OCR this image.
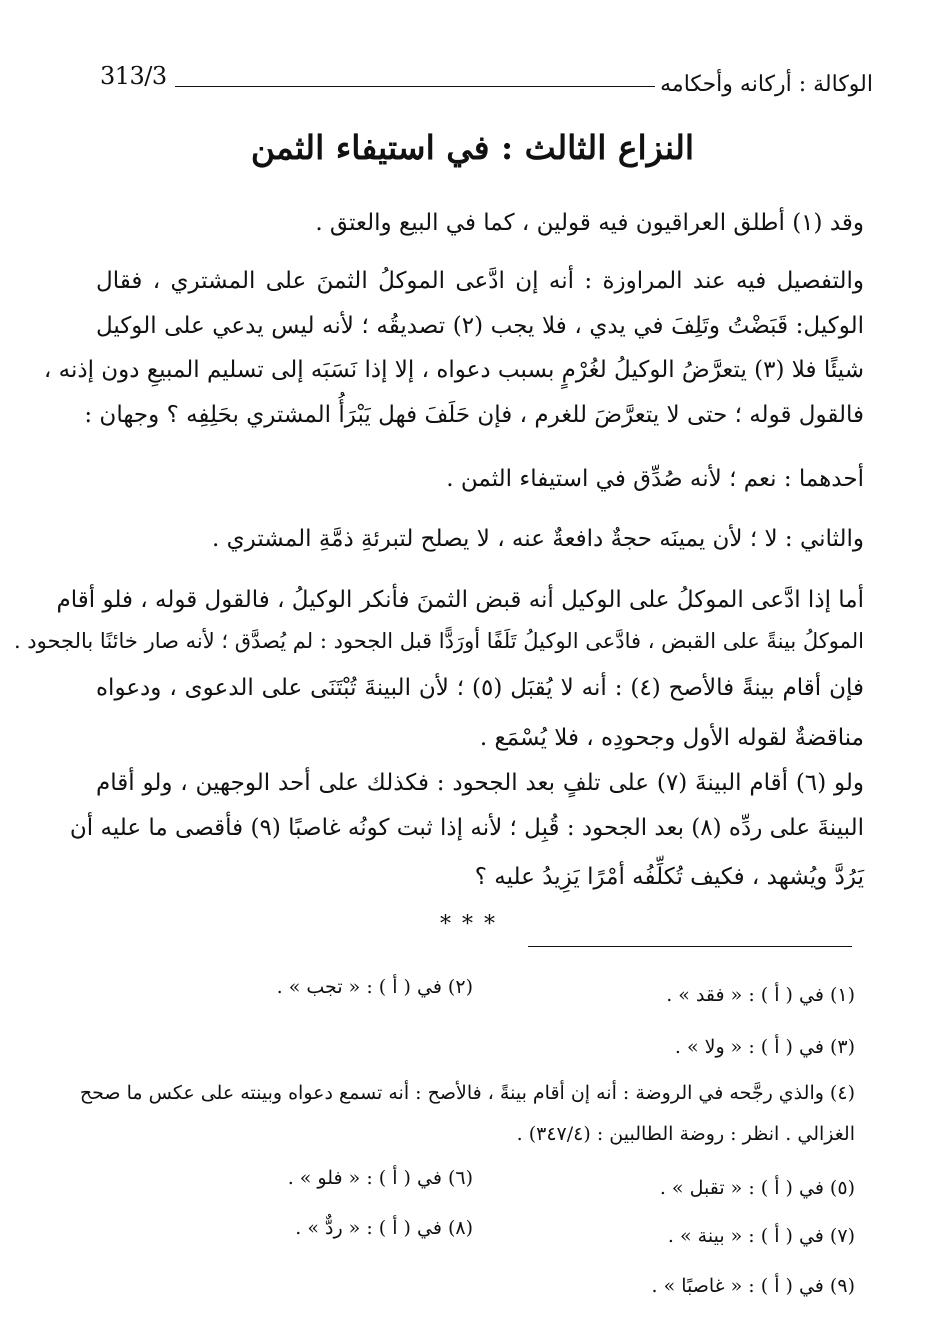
الوكالة : أركانه وأحكامه
313/3
النزاع الثالث : في استيفاء الثمن
وقد (١) أطلق العراقيون فيه قولين ، كما في البيع والعتق .
والتفصيل فيه عند المراوزة : أنه إن ادَّعى الموكلُ الثمنَ على المشتري ، فقال
الوكيل: قَبَضْتُ وتَلِفَ في يدي ، فلا يجب (٢) تصديقُه ؛ لأنه ليس يدعي على الوكيل
شيئًا فلا (٣) يتعرَّضُ الوكيلُ لغُرْمٍ بسبب دعواه ، إلا إذا نَسَبَه إلى تسليم المبيعِ دون إذنه ،
فالقول قوله ؛ حتى لا يتعرَّضَ للغرم ، فإن حَلَفَ فهل يَبْرَأُ المشتري بحَلِفِه ؟ وجهان :
أحدهما : نعم ؛ لأنه صُدِّق في استيفاء الثمن .
والثاني : لا ؛ لأن يمينَه حجةٌ دافعةٌ عنه ، لا يصلح لتبرئةِ ذمَّةِ المشتري .
أما إذا ادَّعى الموكلُ على الوكيل أنه قبض الثمنَ فأنكر الوكيلُ ، فالقول قوله ، فلو أقام
الموكلُ بينةً على القبض ، فادَّعى الوكيلُ تَلَفًا أورَدًّا قبل الجحود : لم يُصدَّق ؛ لأنه صار خائنًا بالجحود .
فإن أقام بينةً فالأصح (٤) : أنه لا يُقبَل (٥) ؛ لأن البينةَ تُبْتَنَى على الدعوى ، ودعواه
مناقضةٌ لقوله الأول وجحودِه ، فلا يُسْمَع .
ولو (٦) أقام البينةَ (٧) على تلفٍ بعد الجحود : فكذلك على أحد الوجهين ، ولو أقام
البينةَ على ردِّه (٨) بعد الجحود : قُبِل ؛ لأنه إذا ثبت كونُه غاصبًا (٩) فأقصى ما عليه أن
يَرُدَّ ويُشهد ، فكيف تُكلِّفُه أمْرًا يَزِيدُ عليه ؟
* * *
(١) في ( أ ) : « فقد » .
(٢) في ( أ ) : « تجب » .
(٣) في ( أ ) : « ولا » .
(٤) والذي رجَّحه في الروضة : أنه إن أقام بينةً ، فالأصح : أنه تسمع دعواه وبينته على عكس ما صحح
الغزالي . انظر : روضة الطالبين : (٣٤٧/٤) .
(٥) في ( أ ) : « تقبل » .
(٦) في ( أ ) : « فلو » .
(٧) في ( أ ) : « بينة » .
(٨) في ( أ ) : « ردٌّ » .
(٩) في ( أ ) : « غاصبًا » .
